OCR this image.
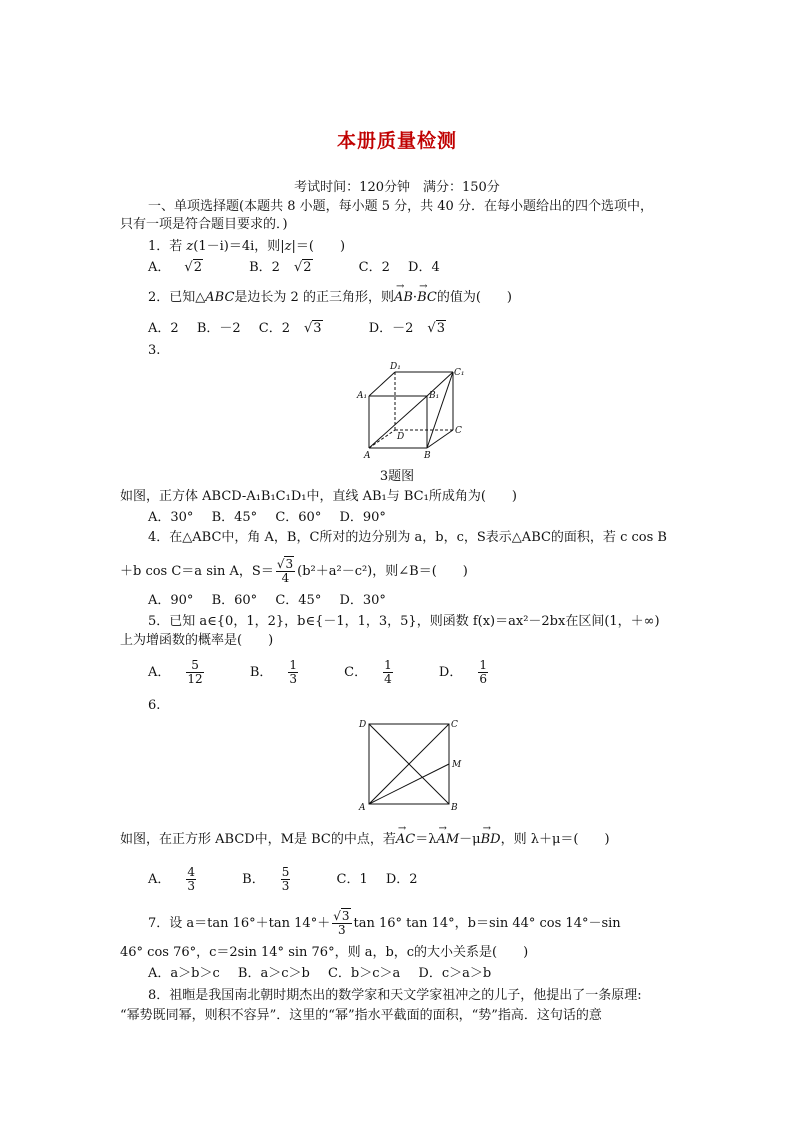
本册质量检测
考试时间：120分钟　满分：150分
一、单项选择题(本题共 8 小题，每小题 5 分，共 40 分．在每小题给出的四个选项中，
只有一项是符合题目要求的．)
1．若 z(1－i)＝4i，则|z|＝(　　)
A． √2	B．2 √2	C．2 D．4
2．已知△ABC是边长为 2 的正三角形，则→ AB·→ BC的值为(　　)
A．2 B．－2 C．2 √3	D．－2 √3
3.
D₁
C₁
A₁	B₁
D
C
A	B
3题图
如图，正方体 ABCD-A₁B₁C₁D₁中，直线 AB₁与 BC₁所成角为(　　)
A．30° B．45° C．60° D．90°
4．在△ABC中，角 A，B，C所对的边分别为 a，b，c，S表示△ABC的面积，若 c cos B
＋b cos C＝a sin A，$S= \frac{√3}{4} (b^2+a^2-c^2)$，则∠B＝(　　)
A．90° B．60° C．45° D．30°
5．已知 a∈{0，1，2}，b∈{－1，1，3，5}，则函数 f(x)＝ax²－2bx在区间(1，＋∞)
上为增函数的概率是(　　)
A． $\frac{5}{12}$ B． $\frac{1}{3}$ C． $\frac{1}{4}$ D． $\frac{1}{6}$
6.
D	C
M
A	B
如图，在正方形 ABCD中，M是 BC的中点，若→ AC＝λ→ AM－μ→ BD，则 λ＋μ＝(　　)
A． $\frac{4}{3}$ B． $\frac{5}{3}$ C．1 D．2
7．设 a＝tan 16°＋tan $14^\circ+ \frac{√3}{3}$ tan 16° tan 14°，b＝sin 44° cos 14°－sin
46° cos 76°，c＝2sin 14° sin 76°，则 a，b，c的大小关系是(　　)
A．a＞b＞c B．a＞c＞b C．b＞c＞a D．c＞a＞b
8．祖暅是我国南北朝时期杰出的数学家和天文学家祖冲之的儿子，他提出了一条原理:
“幂势既同幂，则积不容异”．这里的“幂”指水平截面的面积，“势”指高．这句话的意
